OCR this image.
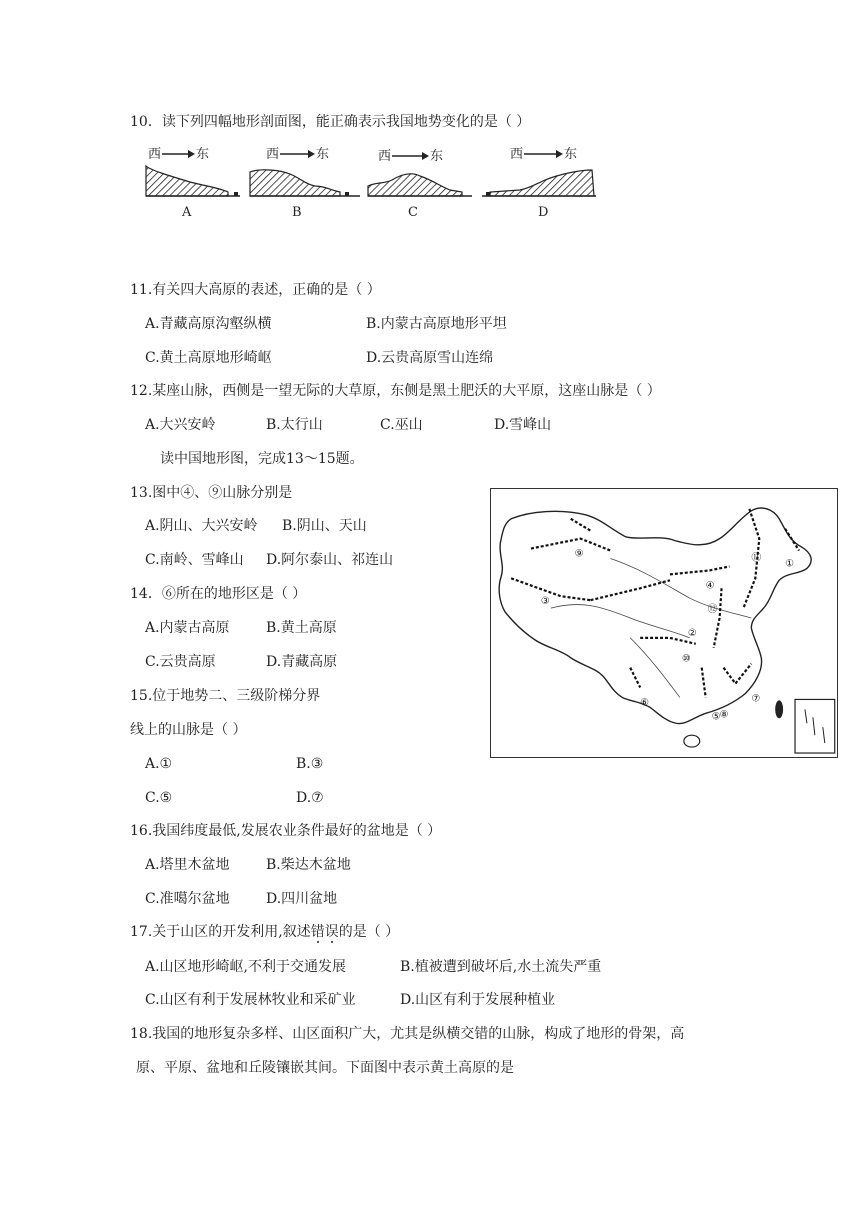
10．读下列四幅地形剖面图，能正确表示我国地势变化的是（ ）
西	东
A
西	东
B
西	东
C
西	东
D
11.有关四大高原的表述，正确的是（ ）
A.青藏高原沟壑纵横	B.内蒙古高原地形平坦
C.黄土高原地形崎岖	D.云贵高原雪山连绵
12.某座山脉，西侧是一望无际的大草原，东侧是黑土肥沃的大平原，这座山脉是（ ）
A.大兴安岭	B.太行山	C.巫山	D.雪峰山
读中国地形图，完成13～15题。
13.图中④、⑨山脉分别是
A.阴山、大兴安岭 B.阴山、天山
C.南岭、雪峰山 D.阿尔泰山、祁连山
14．⑥所在的地形区是（ ）
A.内蒙古高原	B.黄土高原
C.云贵高原	D.青藏高原
15.位于地势二、三级阶梯分界
线上的山脉是（ ）
A.①	B.③
C.⑤	D.⑦
①
②
③
④
⑤
⑥	⑦
⑧
⑨
⑩
⑪
⑫
16.我国纬度最低,发展农业条件最好的盆地是（ ）
A.塔里木盆地	B.柴达木盆地
C.准噶尔盆地	D.四川盆地
17.关于山区的开发利用,叙述错误的是（ ）
A.山区地形崎岖,不利于交通发展	B.植被遭到破坏后,水土流失严重
C.山区有利于发展林牧业和采矿业	D.山区有利于发展种植业
18.我国的地形复杂多样、山区面积广大，尤其是纵横交错的山脉，构成了地形的骨架，高
原、平原、盆地和丘陵镶嵌其间。下面图中表示黄土高原的是
